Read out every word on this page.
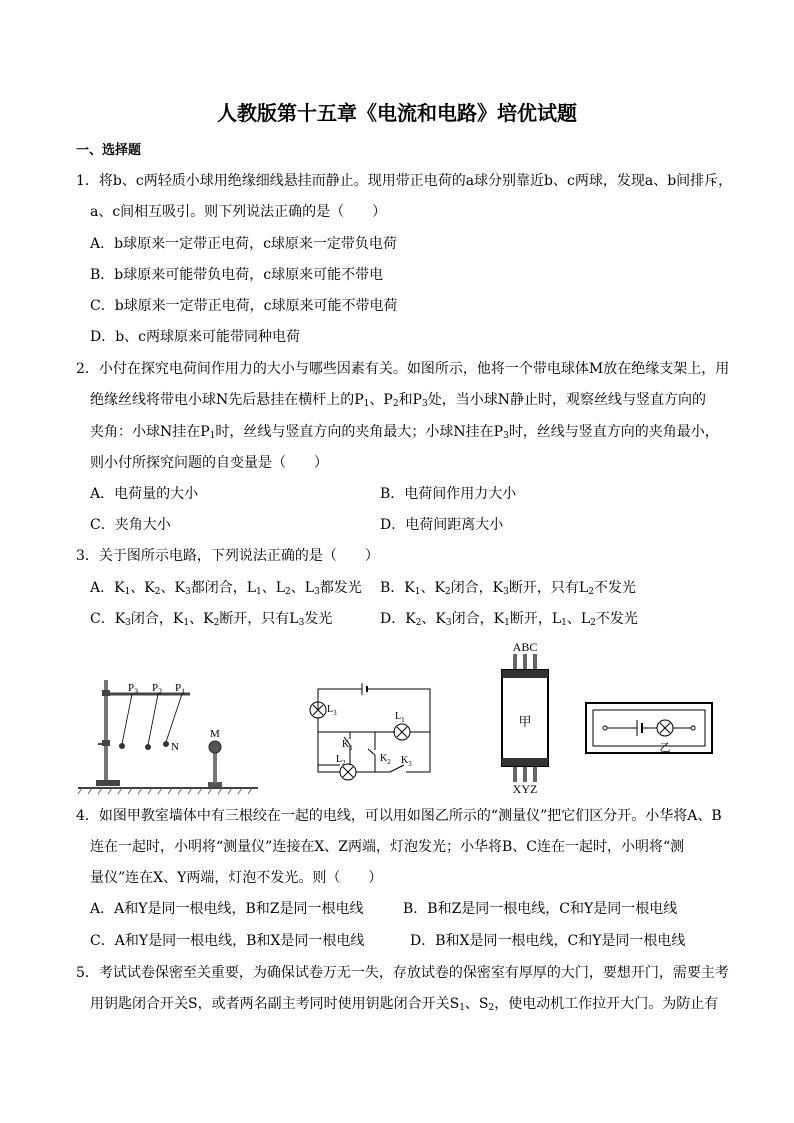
人教版第十五章《电流和电路》培优试题
一、选择题
1．将b、c两轻质小球用绝缘细线悬挂而静止。现用带正电荷的a球分别靠近b、c两球，发现a、b间排斥，
a、c间相互吸引。则下列说法正确的是（　　）
A．b球原来一定带正电荷，c球原来一定带负电荷
B．b球原来可能带负电荷，c球原来可能不带电
C．b球原来一定带正电荷，c球原来可能不带电荷
D．b、c两球原来可能带同种电荷
2．小付在探究电荷间作用力的大小与哪些因素有关。如图所示，他将一个带电球体M放在绝缘支架上，用
绝缘丝线将带电小球N先后悬挂在横杆上的$P_1$、$P_2$和$P_3$处，当小球N静止时，观察丝线与竖直方向的
夹角：小球N挂在$P_1$时，丝线与竖直方向的夹角最大；小球N挂在$P_3$时，丝线与竖直方向的夹角最小，
则小付所探究问题的自变量是（　　）
A．电荷量的大小	B．电荷间作用力大小
C．夹角大小	D．电荷间距离大小
3．关于图所示电路，下列说法正确的是（　　）
A．$K_1$、$K_2$、$K_3$都闭合，$L_1$、$L_2$、$L_3$都发光 B．$K_1$、$K_2$闭合，$K_3$断开，只有$L_2$不发光
C．$K_3$闭合，$K_1$、$K_2$断开，只有$L_3$发光	D．$K_2$、$K_3$闭合，$K_1$断开，$L_1$、$L_2$不发光
$P_3$ $P_2$ $P_1$
N
M
$L_3$	$L_1$
$K_1$
$L_2$	$K_2$ $K_3$
ABC
甲
XYZ
乙
4．如图甲教室墙体中有三根绞在一起的电线，可以用如图乙所示的“测量仪”把它们区分开。小华将A、B
连在一起时，小明将“测量仪”连接在X、Z两端，灯泡发光；小华将B、C连在一起时，小明将“测
量仪”连在X、Y两端，灯泡不发光。则（　　）
A．A和Y是同一根电线，B和Z是同一根电线	B．B和Z是同一根电线，C和Y是同一根电线
C．A和Y是同一根电线，B和X是同一根电线	D．B和X是同一根电线，C和Y是同一根电线
5．考试试卷保密至关重要，为确保试卷万无一失，存放试卷的保密室有厚厚的大门，要想开门，需要主考
用钥匙闭合开关S，或者两名副主考同时使用钥匙闭合开关$S_1$、$S_2$，使电动机工作拉开大门。为防止有
